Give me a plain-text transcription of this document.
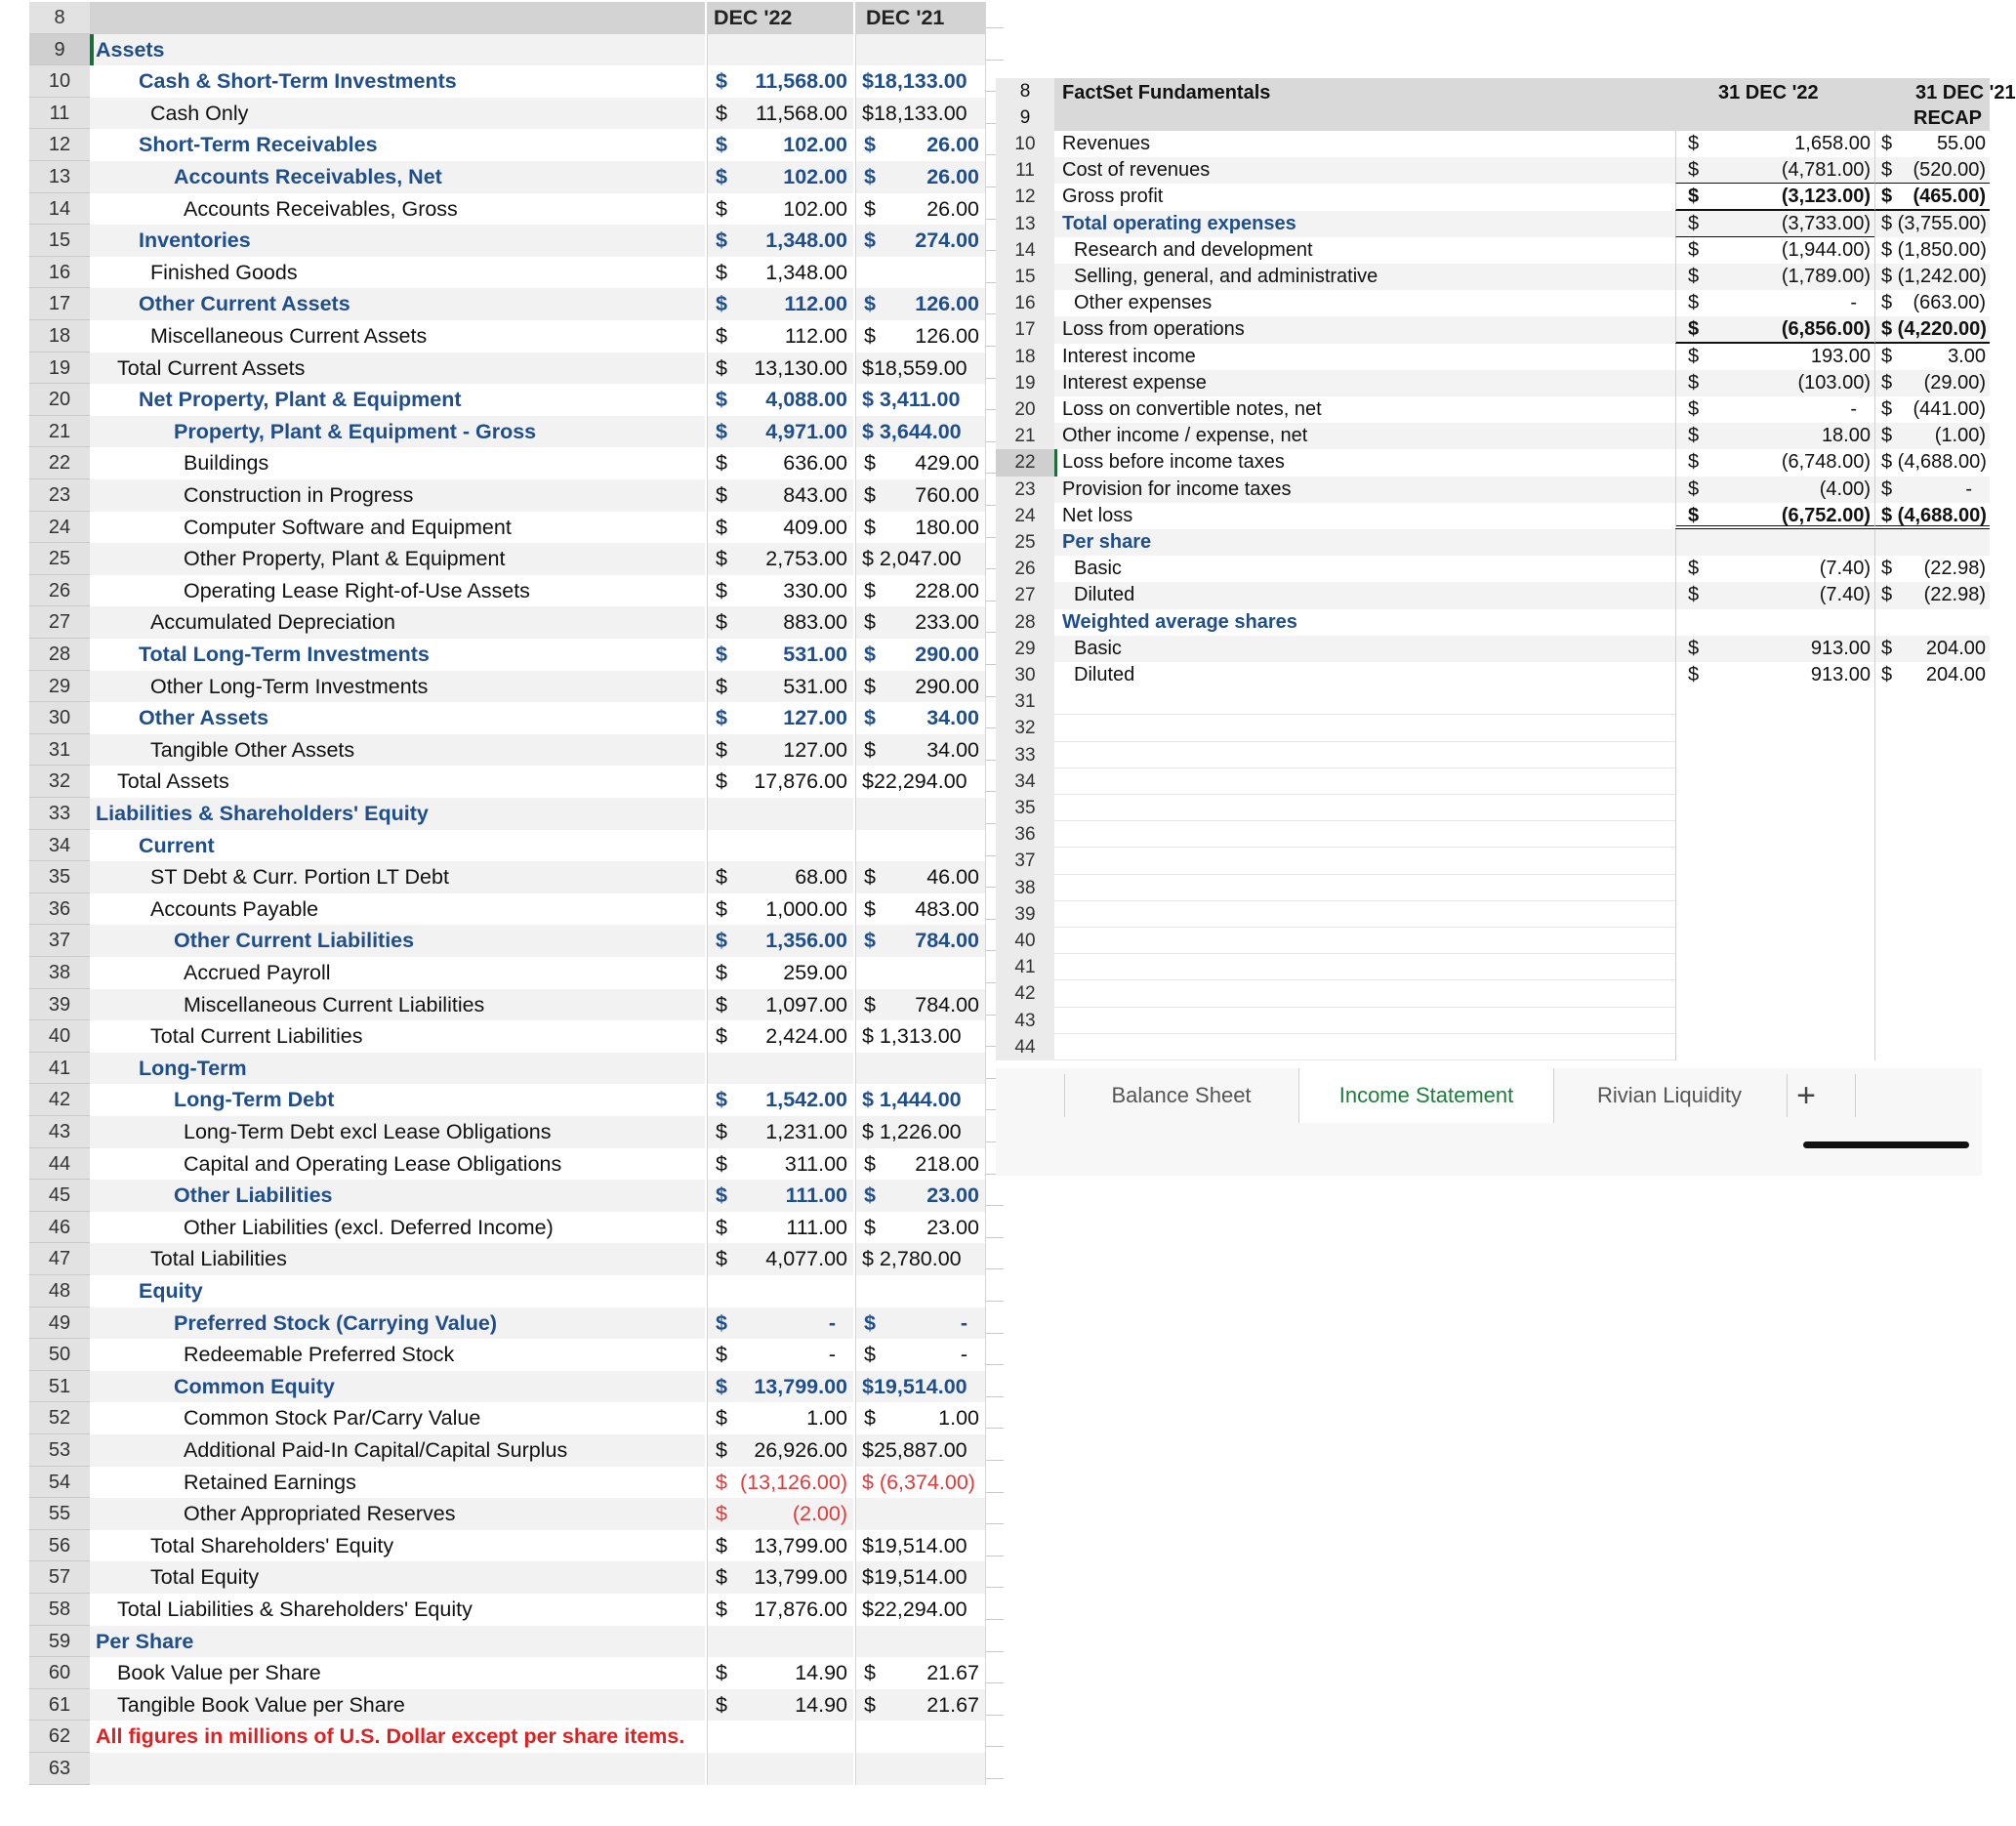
8	DEC '22	DEC '21
9	Assets
10	Cash & Short-Term Investments	$ 11,568.00 $18,133.00
11	Cash Only	$ 11,568.00 $18,133.00
12	Short-Term Receivables	$	102.00 $ 26.00
13	Accounts Receivables, Net	$	102.00 $ 26.00
14	Accounts Receivables, Gross	$	102.00 $ 26.00
15	Inventories	$ 1,348.00 $ 274.00
16	Finished Goods	$ 1,348.00
17	Other Current Assets	$	112.00 $ 126.00
18	Miscellaneous Current Assets	$	112.00 $ 126.00
19	Total Current Assets	$ 13,130.00 $18,559.00
20	Net Property, Plant & Equipment	$ 4,088.00 $ 3,411.00
21	Property, Plant & Equipment - Gross	$ 4,971.00 $ 3,644.00
22	Buildings	$	636.00 $ 429.00
23	Construction in Progress	$	843.00 $ 760.00
24	Computer Software and Equipment	$	409.00 $ 180.00
25	Other Property, Plant & Equipment	$ 2,753.00 $ 2,047.00
26	Operating Lease Right-of-Use Assets	$	330.00 $ 228.00
27	Accumulated Depreciation	$	883.00 $ 233.00
28	Total Long-Term Investments	$	531.00 $ 290.00
29	Other Long-Term Investments	$	531.00 $ 290.00
30	Other Assets	$	127.00 $ 34.00
31	Tangible Other Assets	$	127.00 $ 34.00
32	Total Assets	$ 17,876.00 $22,294.00
33	Liabilities & Shareholders' Equity
34	Current
35	ST Debt & Curr. Portion LT Debt	$	68.00 $ 46.00
36	Accounts Payable	$ 1,000.00 $ 483.00
37	Other Current Liabilities	$ 1,356.00 $ 784.00
38	Accrued Payroll	$	259.00
39	Miscellaneous Current Liabilities	$ 1,097.00 $ 784.00
40	Total Current Liabilities	$ 2,424.00 $ 1,313.00
41	Long-Term
42	Long-Term Debt	$ 1,542.00 $ 1,444.00
43	Long-Term Debt excl Lease Obligations	$ 1,231.00 $ 1,226.00
44	Capital and Operating Lease Obligations	$	311.00 $ 218.00
45	Other Liabilities	$	111.00 $ 23.00
46	Other Liabilities (excl. Deferred Income)	$	111.00 $ 23.00
47	Total Liabilities	$ 4,077.00 $ 2,780.00
48	Equity
49	Preferred Stock (Carrying Value)	$	- $	-
50	Redeemable Preferred Stock	$	- $	-
51	Common Equity	$ 13,799.00 $19,514.00
52	Common Stock Par/Carry Value	$	1.00 $	1.00
53	Additional Paid-In Capital/Capital Surplus	$ 26,926.00 $25,887.00
54	Retained Earnings	$ (13,126.00) $ (6,374.00)
55	Other Appropriated Reserves	$	(2.00)
56	Total Shareholders' Equity	$ 13,799.00 $19,514.00
57	Total Equity	$ 13,799.00 $19,514.00
58	Total Liabilities & Shareholders' Equity	$ 17,876.00 $22,294.00
59	Per Share
60	Book Value per Share	$	14.90 $ 21.67
61	Tangible Book Value per Share	$	14.90 $ 21.67
62	All figures in millions of U.S. Dollar except per share items.
63
FactSet Fundamentals	31 DEC '22	31 DEC '21
RECAP
8
9
10	Revenues	$	1,658.00 $ 55.00
11	Cost of revenues	$	(4,781.00) $ (520.00)
12	Gross profit	$	(3,123.00) $ (465.00)
13	Total operating expenses	$	(3,733.00) $ (3,755.00)
14	Research and development	$	(1,944.00) $ (1,850.00)
15	Selling, general, and administrative	$	(1,789.00) $ (1,242.00)
16	Other expenses	$	- $ (663.00)
17	Loss from operations	$	(6,856.00) $ (4,220.00)
18	Interest income	$	193.00 $	3.00
19	Interest expense	$	(103.00) $ (29.00)
20	Loss on convertible notes, net	$	- $ (441.00)
21	Other income / expense, net	$	18.00 $ (1.00)
22	Loss before income taxes	$	(6,748.00) $ (4,688.00)
23	Provision for income taxes	$	(4.00) $	-
24	Net loss	$	(6,752.00) $ (4,688.00)
25	Per share
26	Basic	$	(7.40) $ (22.98)
27	Diluted	$	(7.40) $ (22.98)
28	Weighted average shares
29	Basic	$	913.00 $ 204.00
30	Diluted	$	913.00 $ 204.00
31
32
33
34
35
36
37
38
39
40
41
42
43
44
Balance Sheet	Income Statement	Rivian Liquidity	+
